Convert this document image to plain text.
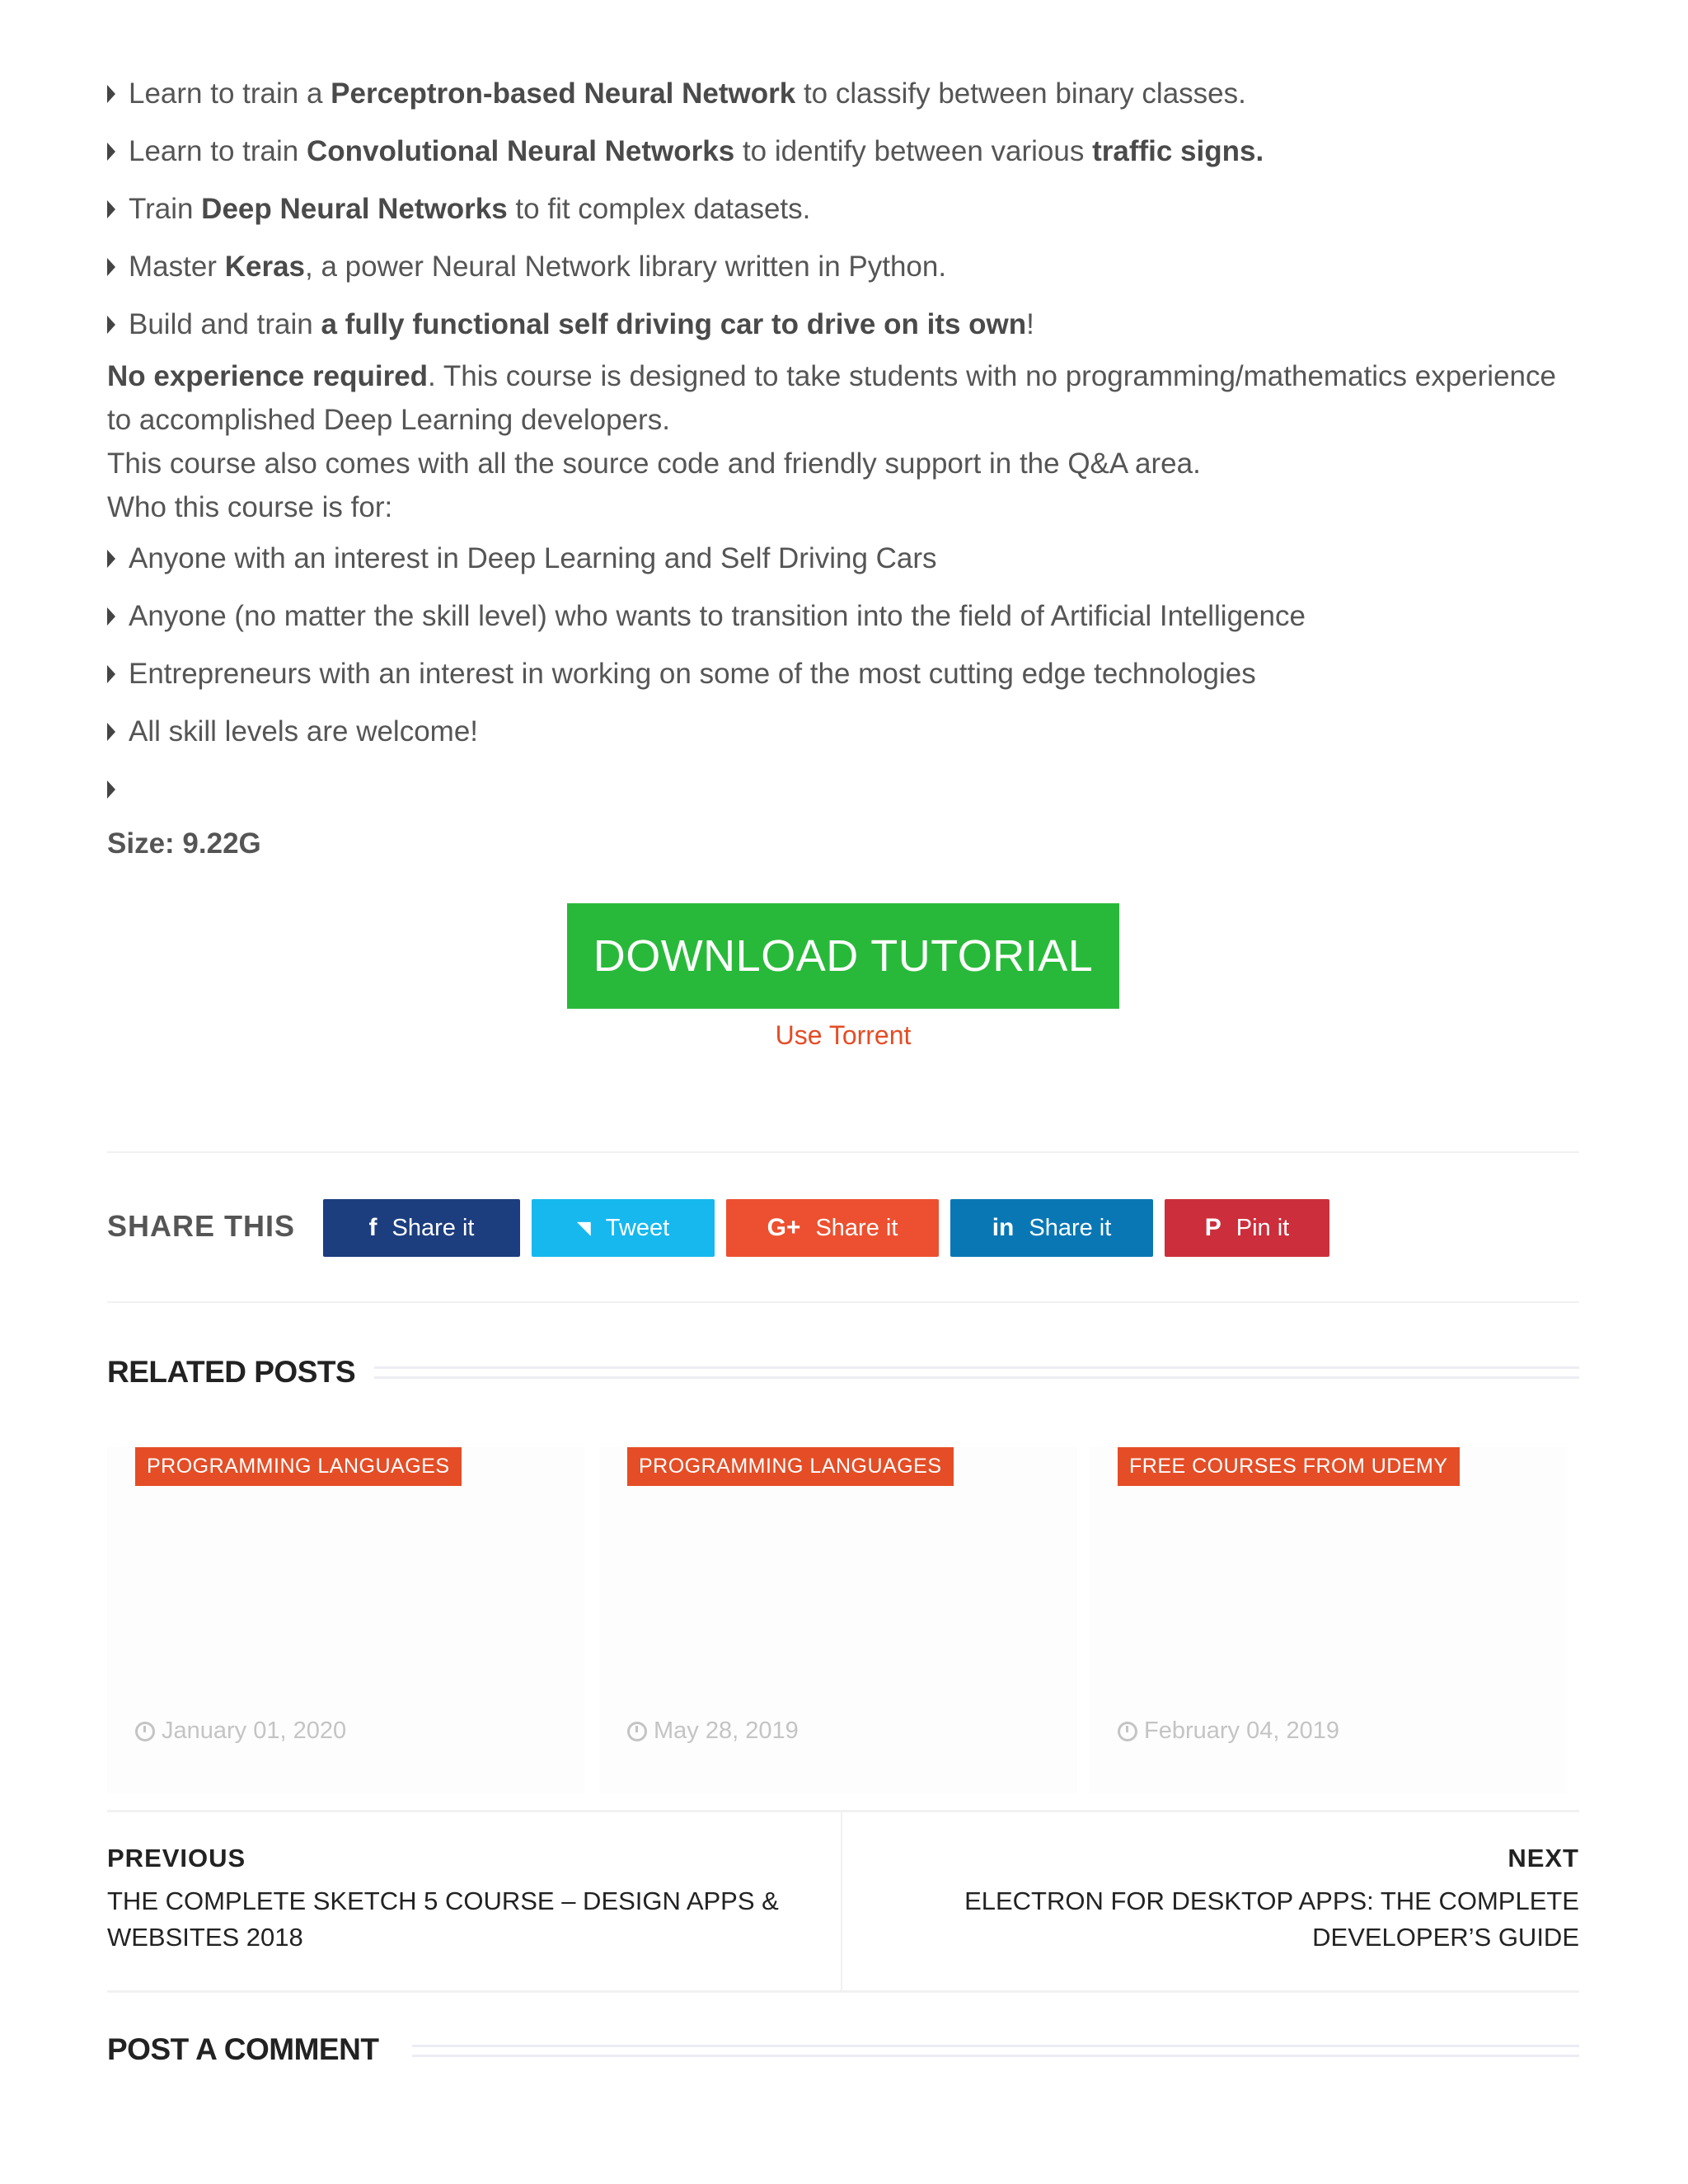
Learn to train a Perceptron-based Neural Network to classify between binary classes.
Learn to train Convolutional Neural Networks to identify between various traffic signs.
Train Deep Neural Networks to fit complex datasets.
Master Keras, a power Neural Network library written in Python.
Build and train a fully functional self driving car to drive on its own!

No experience required. This course is designed to take students with no programming/mathematics experience to accomplished Deep Learning developers.

This course also comes with all the source code and friendly support in the Q&A area.

Who this course is for:

Anyone with an interest in Deep Learning and Self Driving Cars
Anyone (no matter the skill level) who wants to transition into the field of Artificial Intelligence
Entrepreneurs with an interest in working on some of the most cutting edge technologies
All skill levels are welcome!
Size: 9.22G
DOWNLOAD TUTORIAL
Use Torrent
SHARE THIS	f Share it	◥ Tweet	G+ Share it	in Share it	P Pin it
RELATED POSTS
PROGRAMMING LANGUAGES
January 01, 2020
PROGRAMMING LANGUAGES
May 28, 2019
FREE COURSES FROM UDEMY
February 04, 2019
PREVIOUS
THE COMPLETE SKETCH 5 COURSE – DESIGN APPS & WEBSITES 2018
NEXT
ELECTRON FOR DESKTOP APPS: THE COMPLETE DEVELOPER’S GUIDE
POST A COMMENT
